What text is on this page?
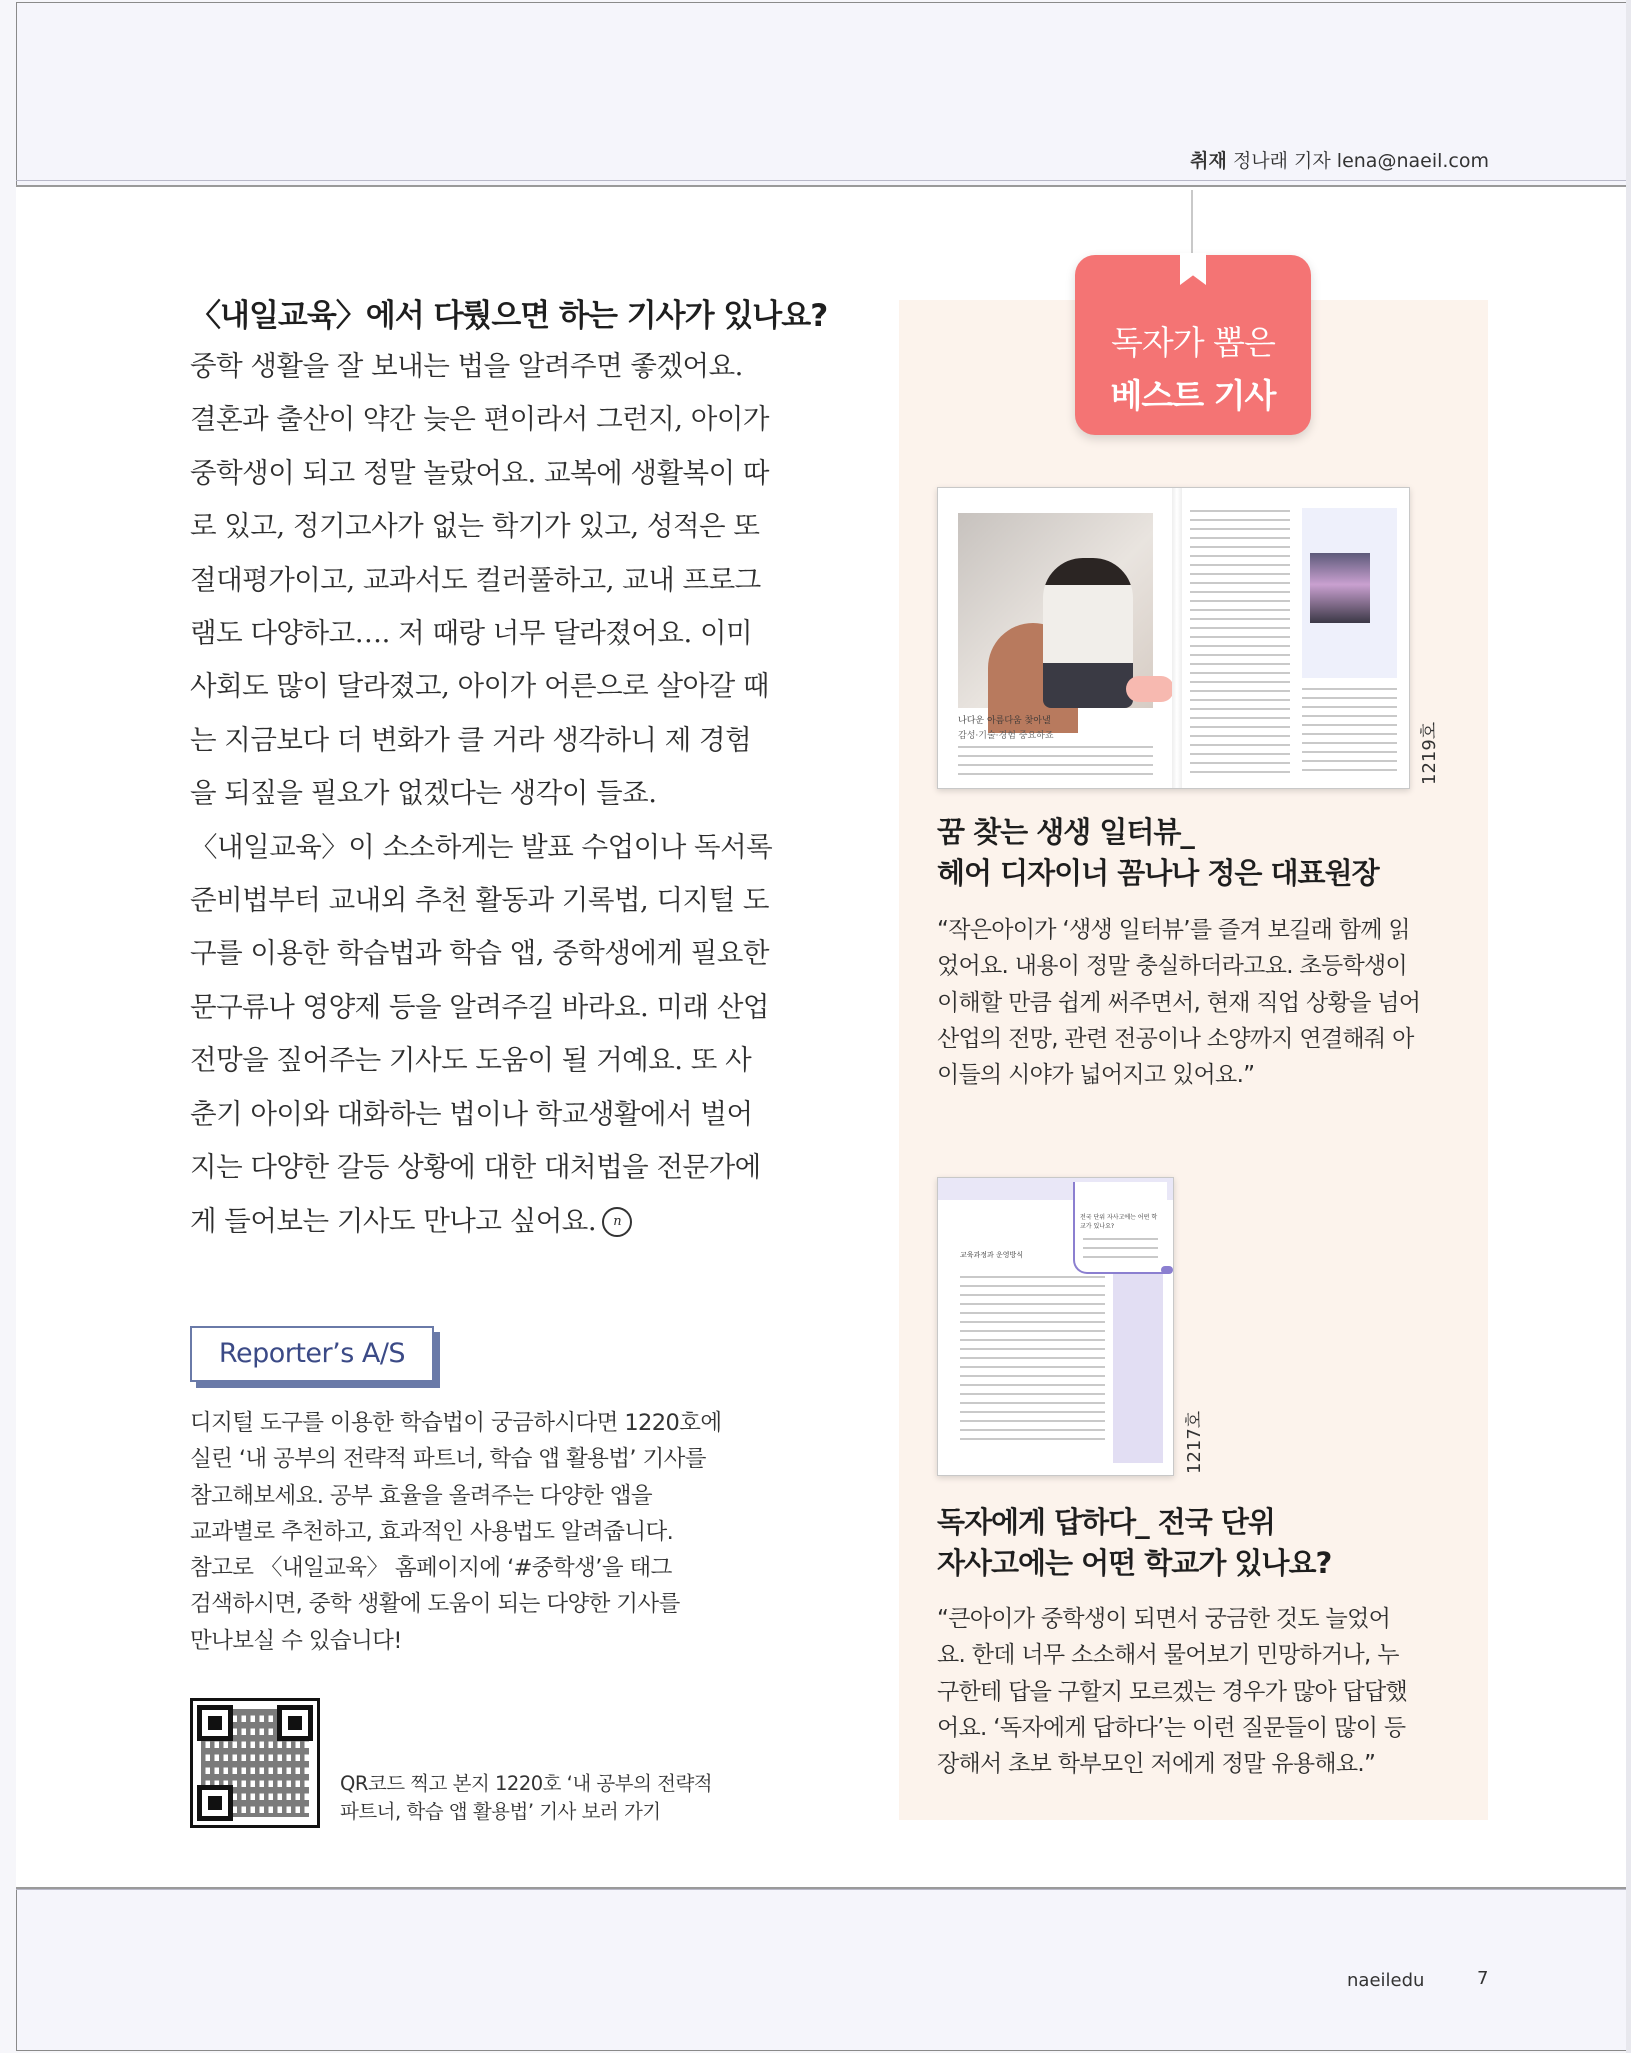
취재 정나래 기자 lena@naeil.com
〈내일교육〉에서 다뤘으면 하는 기사가 있나요?
중학 생활을 잘 보내는 법을 알려주면 좋겠어요.
결혼과 출산이 약간 늦은 편이라서 그런지, 아이가
중학생이 되고 정말 놀랐어요. 교복에 생활복이 따
로 있고, 정기고사가 없는 학기가 있고, 성적은 또
절대평가이고, 교과서도 컬러풀하고, 교내 프로그
램도 다양하고…. 저 때랑 너무 달라졌어요. 이미
사회도 많이 달라졌고, 아이가 어른으로 살아갈 때
는 지금보다 더 변화가 클 거라 생각하니 제 경험
을 되짚을 필요가 없겠다는 생각이 들죠.
〈내일교육〉이 소소하게는 발표 수업이나 독서록
준비법부터 교내외 추천 활동과 기록법, 디지털 도
구를 이용한 학습법과 학습 앱, 중학생에게 필요한
문구류나 영양제 등을 알려주길 바라요. 미래 산업
전망을 짚어주는 기사도 도움이 될 거예요. 또 사
춘기 아이와 대화하는 법이나 학교생활에서 벌어
지는 다양한 갈등 상황에 대한 대처법을 전문가에
게 들어보는 기사도 만나고 싶어요. n
Reporter’s A/S
디지털 도구를 이용한 학습법이 궁금하시다면 1220호에
실린 ‘내 공부의 전략적 파트너, 학습 앱 활용법’ 기사를
참고해보세요. 공부 효율을 올려주는 다양한 앱을
교과별로 추천하고, 효과적인 사용법도 알려줍니다.
참고로 〈내일교육〉 홈페이지에 ‘#중학생’을 태그
검색하시면, 중학 생활에 도움이 되는 다양한 기사를
만나보실 수 있습니다!
QR코드 찍고 본지 1220호 ‘내 공부의 전략적
파트너, 학습 앱 활용법’ 기사 보러 가기
독자가 뽑은
베스트 기사
나다운 아름다움 찾아낼
감성·기술·경험 중요하죠	1219호
꿈 찾는 생생 일터뷰_
헤어 디자이너 꼼나나 정은 대표원장
“작은아이가 ‘생생 일터뷰’를 즐겨 보길래 함께 읽
었어요. 내용이 정말 충실하더라고요. 초등학생이
이해할 만큼 쉽게 써주면서, 현재 직업 상황을 넘어
산업의 전망, 관련 전공이나 소양까지 연결해줘 아
이들의 시야가 넓어지고 있어요.”
교육과정과 운영방식
전국 단위 자사고에는 어떤 학교가 있나요?
1217호
독자에게 답하다_ 전국 단위
자사고에는 어떤 학교가 있나요?
“큰아이가 중학생이 되면서 궁금한 것도 늘었어
요. 한데 너무 소소해서 물어보기 민망하거나, 누
구한테 답을 구할지 모르겠는 경우가 많아 답답했
어요. ‘독자에게 답하다’는 이런 질문들이 많이 등
장해서 초보 학부모인 저에게 정말 유용해요.”
naeiledu	7
